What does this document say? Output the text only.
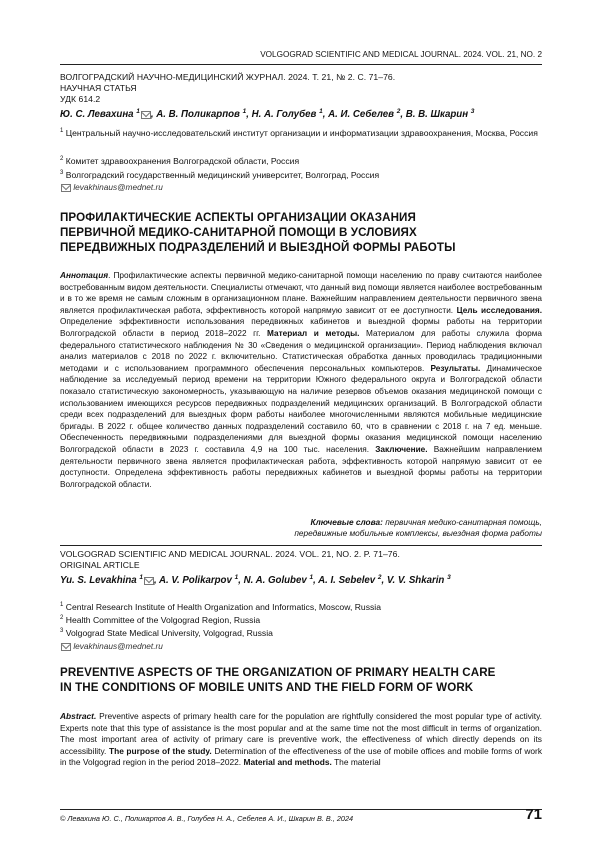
VOLGOGRAD SCIENTIFIC AND MEDICAL JOURNAL. 2024. VOL. 21, NO. 2
ВОЛГОГРАДСКИЙ НАУЧНО-МЕДИЦИНСКИЙ ЖУРНАЛ. 2024. Т. 21, № 2. С. 71–76.
НАУЧНАЯ СТАТЬЯ
УДК 614.2
Ю. С. Левахина $^1$ , А. В. Поликарпов $^1$, Н. А. Голубев $^1$, А. И. Себелев $^2$, В. В. Шкарин $^3$
$^1$ Центральный научно-исследовательский институт организации и информатизации здравоохранения, Москва, Россия
$^2$ Комитет здравоохранения Волгоградской области, Россия
$^3$ Волгоградский государственный медицинский университет, Волгоград, Россия
levakhinaus@mednet.ru
ПРОФИЛАКТИЧЕСКИЕ АСПЕКТЫ ОРГАНИЗАЦИИ ОКАЗАНИЯ
ПЕРВИЧНОЙ МЕДИКО-САНИТАРНОЙ ПОМОЩИ В УСЛОВИЯХ
ПЕРЕДВИЖНЫХ ПОДРАЗДЕЛЕНИЙ И ВЫЕЗДНОЙ ФОРМЫ РАБОТЫ
Аннотация. Профилактические аспекты первичной медико-санитарной помощи населению по праву считаются наиболее востребованным видом деятельности. Специалисты отмечают, что данный вид помощи является наиболее востребованным и в то же время не самым сложным в организационном плане. Важнейшим направлением деятельности первичного звена является профилактическая работа, эффективность которой напрямую зависит от ее доступности. Цель исследования. Определение эффективности использования передвижных кабинетов и выездной формы работы на территории Волгоградской области в период 2018–2022 гг. Материал и методы. Материалом для работы служила форма федерального статистического наблюдения № 30 «Сведения о медицинской организации». Период наблюдения включал анализ материалов с 2018 по 2022 г. включительно. Статистическая обработка данных проводилась традиционными методами и с использованием программного обеспечения персональных компьютеров. Результаты. Динамическое наблюдение за исследуемый период времени на территории Южного федерального округа и Волгоградской области показало статистическую закономерность, указывающую на наличие резервов объемов оказания медицинской помощи с использованием имеющихся ресурсов передвижных подразделений медицинских организаций. В Волгоградской области среди всех подразделений для выездных форм работы наиболее многочисленными являются мобильные медицинские бригады. В 2022 г. общее количество данных подразделений составило 60, что в сравнении с 2018 г. на 7 ед. меньше. Обеспеченность передвижными подразделениями для выездной формы оказания медицинской помощи населению Волгоградской области в 2023 г. составила 4,9 на 100 тыс. населения. Заключение. Важнейшим направлением деятельности первичного звена является профилактическая работа, эффективность которой напрямую зависит от ее доступности. Определена эффективность работы передвижных кабинетов и выездной формы работы на территории Волгоградской области.
Ключевые слова: первичная медико-санитарная помощь,
передвижные мобильные комплексы, выездная форма работы
VOLGOGRAD SCIENTIFIC AND MEDICAL JOURNAL. 2024. VOL. 21, NO. 2. P. 71–76.
ORIGINAL ARTICLE
Yu. S. Levakhina $^1$ , A. V. Polikarpov $^1$, N. A. Golubev $^1$, A. I. Sebelev $^2$, V. V. Shkarin $^3$
$^1$ Central Research Institute of Health Organization and Informatics, Moscow, Russia
$^2$ Health Committee of the Volgograd Region, Russia
$^3$ Volgograd State Medical University, Volgograd, Russia
levakhinaus@mednet.ru
PREVENTIVE ASPECTS OF THE ORGANIZATION OF PRIMARY HEALTH CARE
IN THE CONDITIONS OF MOBILE UNITS AND THE FIELD FORM OF WORK
Abstract. Preventive aspects of primary health care for the population are rightfully considered the most popular type of activity. Experts note that this type of assistance is the most popular and at the same time not the most difficult in terms of organization. The most important area of activity of primary care is preventive work, the effectiveness of which directly depends on its accessibility. The purpose of the study. Determination of the effectiveness of the use of mobile offices and mobile forms of work in the Volgograd region in the period 2018–2022. Material and methods. The material
© Левахина Ю. С., Поликарпов А. В., Голубев Н. А., Себелев А. И., Шкарин В. В., 2024	71
